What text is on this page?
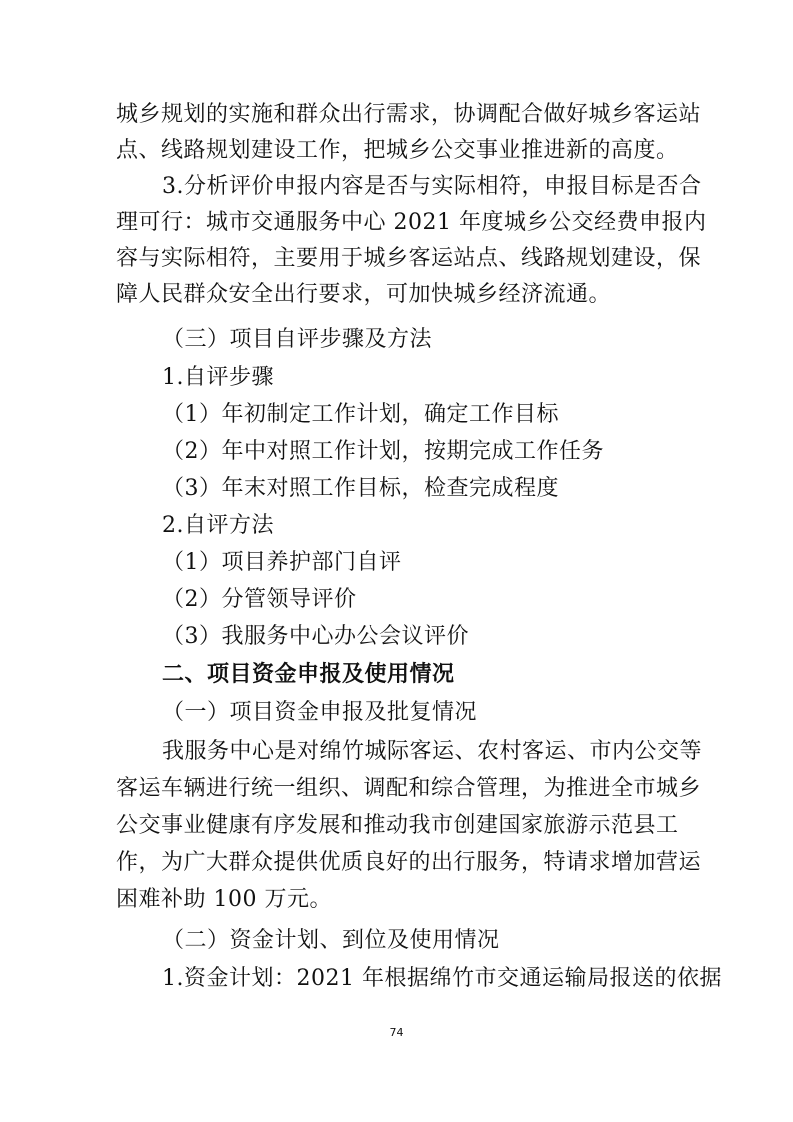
城乡规划的实施和群众出行需求，协调配合做好城乡客运站
点、线路规划建设工作，把城乡公交事业推进新的高度。
3.分析评价申报内容是否与实际相符，申报目标是否合
理可行：城市交通服务中心 2021 年度城乡公交经费申报内
容与实际相符，主要用于城乡客运站点、线路规划建设，保
障人民群众安全出行要求，可加快城乡经济流通。
（三）项目自评步骤及方法
1.自评步骤
（1）年初制定工作计划，确定工作目标
（2）年中对照工作计划，按期完成工作任务
（3）年末对照工作目标，检查完成程度
2.自评方法
（1）项目养护部门自评
（2）分管领导评价
（3）我服务中心办公会议评价
二、项目资金申报及使用情况
（一）项目资金申报及批复情况
我服务中心是对绵竹城际客运、农村客运、市内公交等
客运车辆进行统一组织、调配和综合管理，为推进全市城乡
公交事业健康有序发展和推动我市创建国家旅游示范县工
作，为广大群众提供优质良好的出行服务，特请求增加营运
困难补助 100 万元。
（二）资金计划、到位及使用情况
1.资金计划：2021 年根据绵竹市交通运输局报送的依据
74
